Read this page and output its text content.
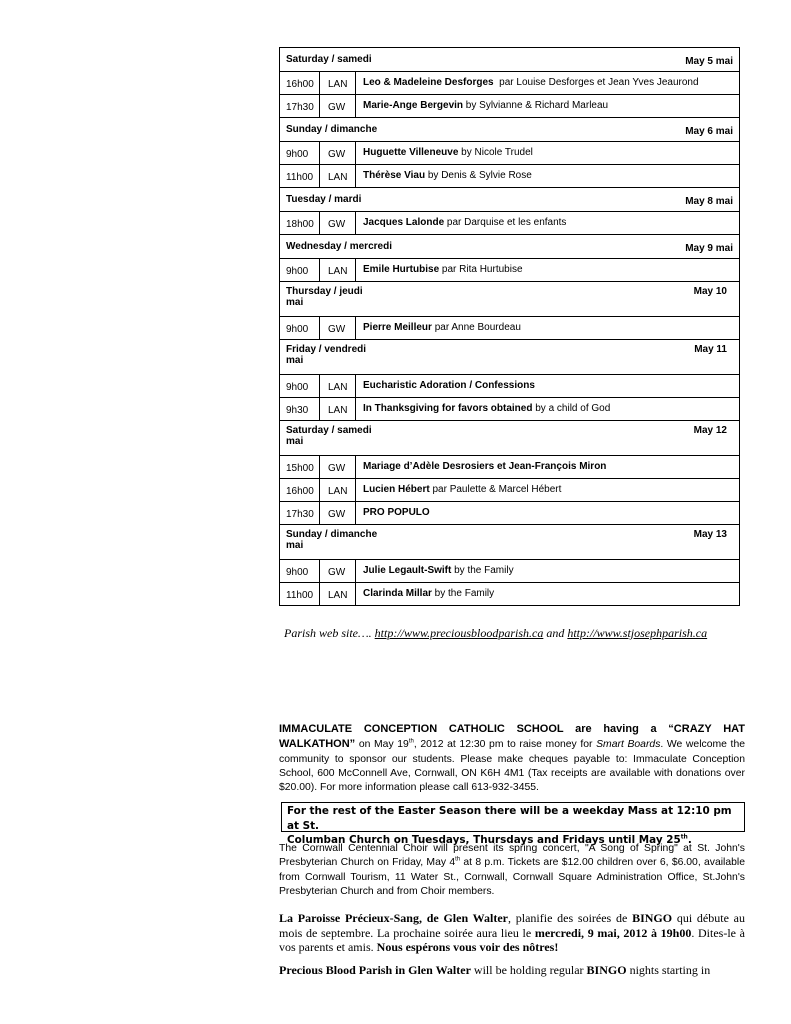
Saturday / samedi	May 5 mai
16h00	LAN	Leo & Madeleine Desforges  par Louise Desforges et Jean Yves Jeaurond
17h30	GW	Marie-Ange Bergevin by Sylvianne & Richard Marleau
Sunday / dimanche	May 6 mai
9h00	GW	Huguette Villeneuve by Nicole Trudel
11h00	LAN	Thérèse Viau by Denis & Sylvie Rose
Tuesday / mardi	May 8 mai
18h00	GW	Jacques Lalonde par Darquise et les enfants
Wednesday / mercredi	May 9 mai
9h00	LAN	Emile Hurtubise par Rita Hurtubise
Thursday / jeudi	May 10
mai
9h00	GW	Pierre Meilleur par Anne Bourdeau
Friday / vendredi	May 11
mai
9h00	LAN	Eucharistic Adoration / Confessions
9h30	LAN	In Thanksgiving for favors obtained by a child of God
Saturday / samedi	May 12
mai
15h00	GW	Mariage d’Adèle Desrosiers et Jean-François Miron
16h00	LAN	Lucien Hébert par Paulette & Marcel Hébert
17h30	GW	PRO POPULO
Sunday / dimanche	May 13
mai
9h00	GW	Julie Legault-Swift by the Family
11h00	LAN	Clarinda Millar by the Family
Parish web site…. http://www.preciousbloodparish.ca and http://www.stjosephparish.ca
IMMACULATE CONCEPTION CATHOLIC SCHOOL are having a “CRAZY HAT WALKATHON” on May 19th, 2012 at 12:30 pm to raise money for Smart Boards. We welcome the community to sponsor our students. Please make cheques payable to: Immaculate Conception School, 600 McConnell Ave, Cornwall, ON K6H 4M1 (Tax receipts are available with donations over $20.00). For more information please call 613-932-3455.
For the rest of the Easter Season there will be a weekday Mass at 12:10 pm at St.
Columban Church on Tuesdays, Thursdays and Fridays until May 25th.
The Cornwall Centennial Choir will present its spring concert, "A Song of Spring" at St. John's Presbyterian Church on Friday, May 4th at 8 p.m. Tickets are $12.00 children over 6, $6.00, available from Cornwall Tourism, 11 Water St., Cornwall, Cornwall Square Administration Office, St.John's Presbyterian Church and from Choir members.
La Paroisse Précieux-Sang, de Glen Walter, planifie des soirées de BINGO qui débute au mois de septembre. La prochaine soirée aura lieu le mercredi, 9 mai, 2012 à 19h00. Dites-le à vos parents et amis. Nous espérons vous voir des nôtres!
Precious Blood Parish in Glen Walter will be holding regular BINGO nights starting in
